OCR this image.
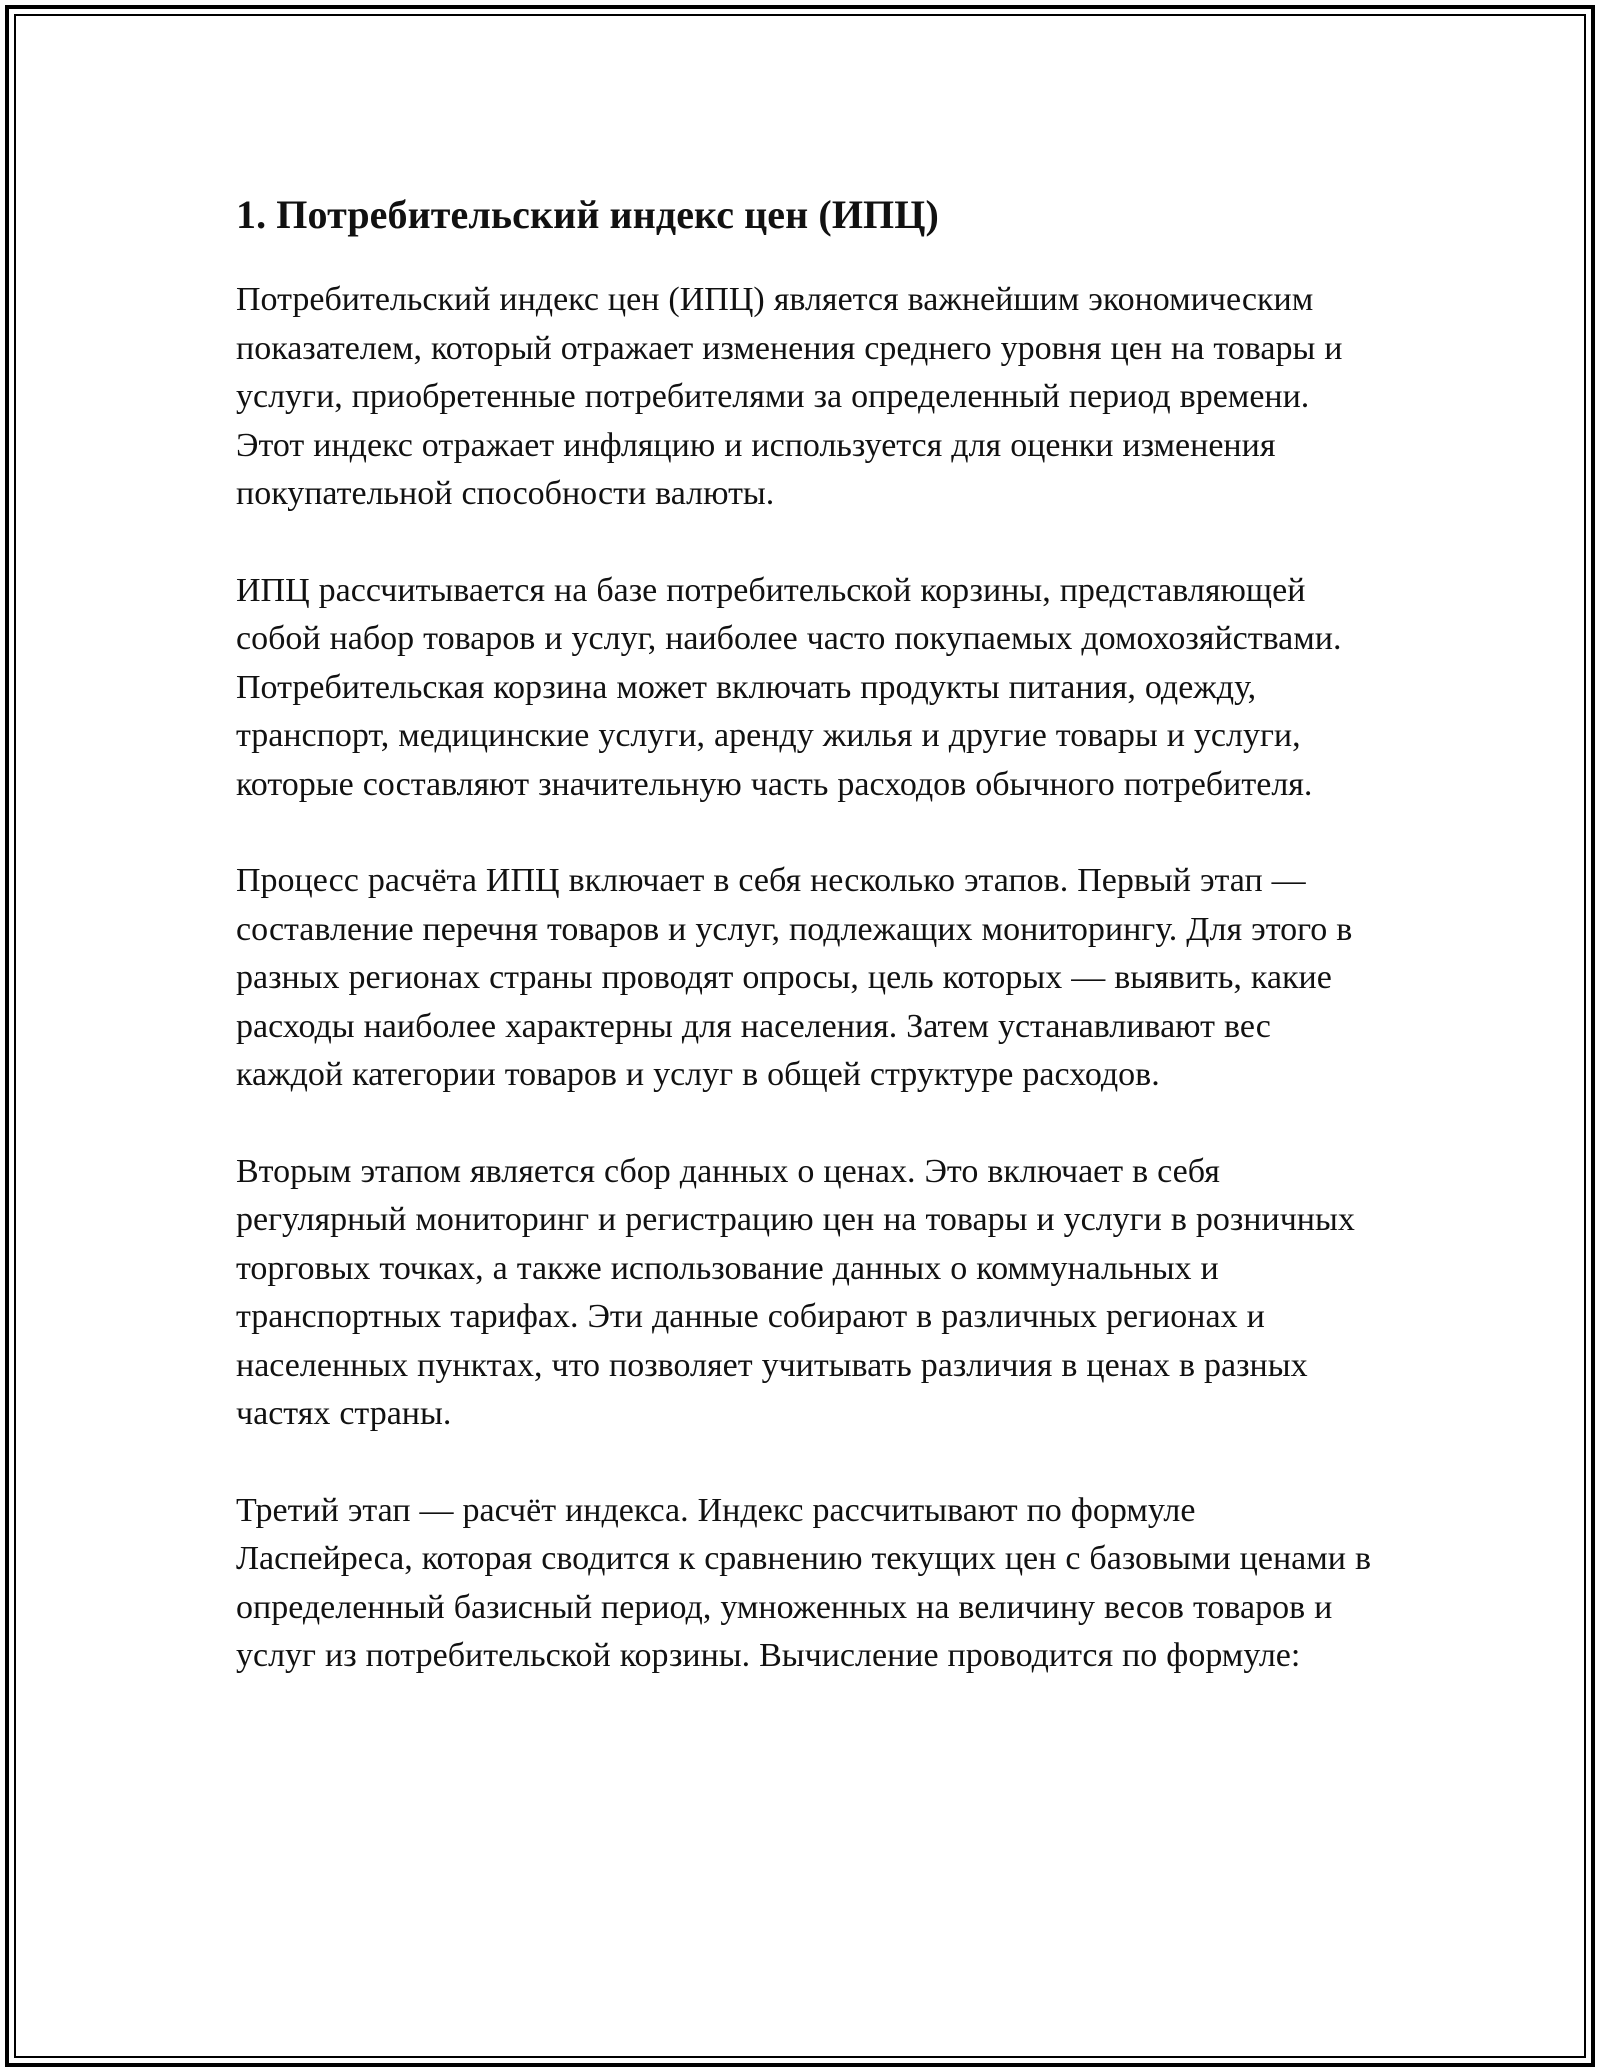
1. Потребительский индекс цен (ИПЦ)

Потребительский индекс цен (ИПЦ) является важнейшим экономическим показателем, который отражает изменения среднего уровня цен на товары и услуги, приобретенные потребителями за определенный период времени. Этот индекс отражает инфляцию и используется для оценки изменения покупательной способности валюты.

ИПЦ рассчитывается на базе потребительской корзины, представляющей собой набор товаров и услуг, наиболее часто покупаемых домохозяйствами. Потребительская корзина может включать продукты питания, одежду, транспорт, медицинские услуги, аренду жилья и другие товары и услуги, которые составляют значительную часть расходов обычного потребителя.

Процесс расчёта ИПЦ включает в себя несколько этапов. Первый этап — составление перечня товаров и услуг, подлежащих мониторингу. Для этого в разных регионах страны проводят опросы, цель которых — выявить, какие расходы наиболее характерны для населения. Затем устанавливают вес каждой категории товаров и услуг в общей структуре расходов.

Вторым этапом является сбор данных о ценах. Это включает в себя регулярный мониторинг и регистрацию цен на товары и услуги в розничных торговых точках, а также использование данных о коммунальных и транспортных тарифах. Эти данные собирают в различных регионах и населенных пунктах, что позволяет учитывать различия в ценах в разных частях страны.

Третий этап — расчёт индекса. Индекс рассчитывают по формуле Ласпейреса, которая сводится к сравнению текущих цен с базовыми ценами в определенный базисный период, умноженных на величину весов товаров и услуг из потребительской корзины. Вычисление проводится по формуле:
